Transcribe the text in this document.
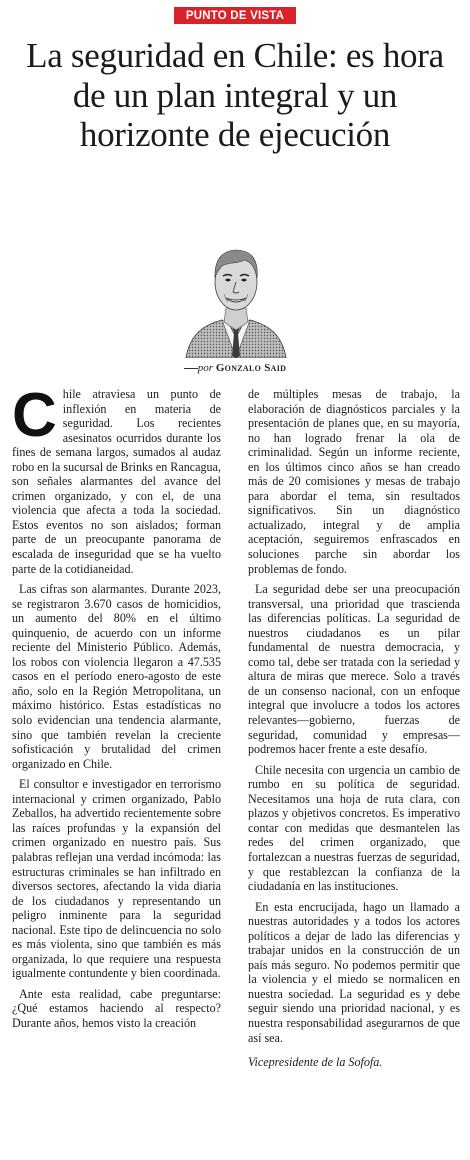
PUNTO DE VISTA
La seguridad en Chile: es hora de un plan integral y un horizonte de ejecución
por Gonzalo Said

Chile atraviesa un punto de inflexión en materia de seguridad. Los recientes asesinatos ocurridos durante los fines de semana largos, sumados al audaz robo en la sucursal de Brinks en Rancagua, son señales alarmantes del avance del crimen organizado, y con el, de una violencia que afecta a toda la sociedad. Estos eventos no son aislados; forman parte de un preocupante panorama de escalada de inseguridad que se ha vuelto parte de la cotidianeidad.

Las cifras son alarmantes. Durante 2023, se registraron 3.670 casos de homicidios, un aumento del 80% en el último quinquenio, de acuerdo con un informe reciente del Ministerio Público. Además, los robos con violencia llegaron a 47.535 casos en el período enero-agosto de este año, solo en la Región Metropolitana, un máximo histórico. Estas estadísticas no solo evidencian una tendencia alarmante, sino que también revelan la creciente sofisticación y brutalidad del crimen organizado en Chile.

El consultor e investigador en terrorismo internacional y crimen organizado, Pablo Zeballos, ha advertido recientemente sobre las raíces profundas y la expansión del crimen organizado en nuestro país. Sus palabras reflejan una verdad incómoda: las estructuras criminales se han infiltrado en diversos sectores, afectando la vida diaria de los ciudadanos y representando un peligro inminente para la seguridad nacional. Este tipo de delincuencia no solo es más violenta, sino que también es más organizada, lo que requiere una respuesta igualmente contundente y bien coordinada.

Ante esta realidad, cabe preguntarse: ¿Qué estamos haciendo al respecto? Durante años, hemos visto la creación

de múltiples mesas de trabajo, la elaboración de diagnósticos parciales y la presentación de planes que, en su mayoría, no han logrado frenar la ola de criminalidad. Según un informe reciente, en los últimos cinco años se han creado más de 20 comisiones y mesas de trabajo para abordar el tema, sin resultados significativos. Sin un diagnóstico actualizado, integral y de amplia aceptación, seguiremos enfrascados en soluciones parche sin abordar los problemas de fondo.

La seguridad debe ser una preocupación transversal, una prioridad que trascienda las diferencias políticas. La seguridad de nuestros ciudadanos es un pilar fundamental de nuestra democracia, y como tal, debe ser tratada con la seriedad y altura de miras que merece. Solo a través de un consenso nacional, con un enfoque integral que involucre a todos los actores relevantes—gobierno, fuerzas de seguridad, comunidad y empresas—podremos hacer frente a este desafío.

Chile necesita con urgencia un cambio de rumbo en su política de seguridad. Necesitamos una hoja de ruta clara, con plazos y objetivos concretos. Es imperativo contar con medidas que desmantelen las redes del crimen organizado, que fortalezcan a nuestras fuerzas de seguridad, y que restablezcan la confianza de la ciudadanía en las instituciones.

En esta encrucijada, hago un llamado a nuestras autoridades y a todos los actores políticos a dejar de lado las diferencias y trabajar unidos en la construcción de un país más seguro. No podemos permitir que la violencia y el miedo se normalicen en nuestra sociedad. La seguridad es y debe seguir siendo una prioridad nacional, y es nuestra responsabilidad asegurarnos de que así sea.

Vicepresidente de la Sofofa.
